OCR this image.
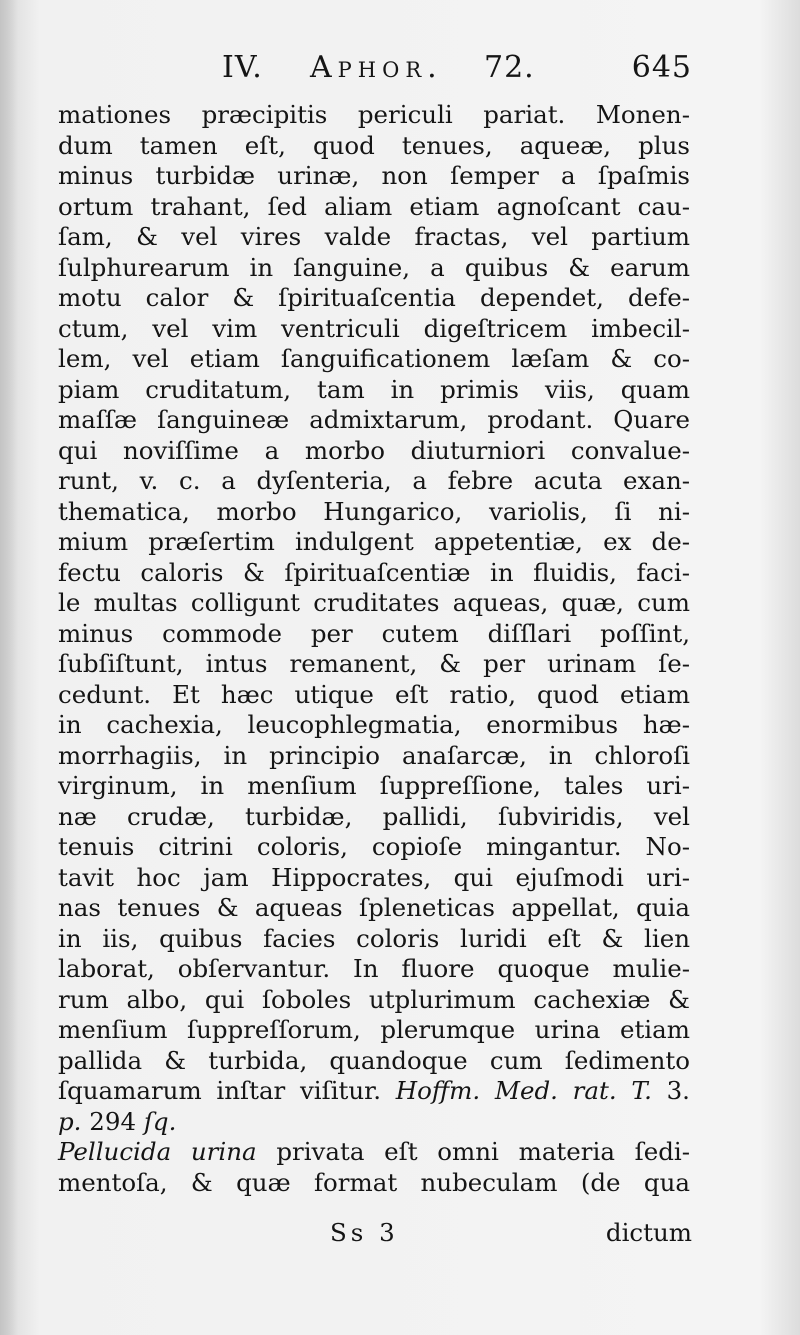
IV. Aphor. 72.	645
mationes præcipitis periculi pariat. Monen-
dum tamen eſt, quod tenues, aqueæ, plus
minus turbidæ urinæ, non ſemper a ſpaſmis
ortum trahant, ſed aliam etiam agnoſcant cau-
ſam, & vel vires valde fractas, vel partium
ſulphurearum in ſanguine, a quibus & earum
motu calor & ſpirituaſcentia dependet, defe-
ctum, vel vim ventriculi digeſtricem imbecil-
lem, vel etiam ſanguificationem læſam & co-
piam cruditatum, tam in primis viis, quam
maſſæ ſanguineæ admixtarum, prodant. Quare
qui noviſſime a morbo diuturniori convalue-
runt, v. c. a dyſenteria, a febre acuta exan-
thematica, morbo Hungarico, variolis, ſi ni-
mium præſertim indulgent appetentiæ, ex de-
fectu caloris & ſpirituaſcentiæ in fluidis, faci-
le multas colligunt cruditates aqueas, quæ, cum
minus commode per cutem diſſlari poſſint,
ſubſiſtunt, intus remanent, & per urinam ſe-
cedunt. Et hæc utique eſt ratio, quod etiam
in cachexia, leucophlegmatia, enormibus hæ-
morrhagiis, in principio anaſarcæ, in chloroſi
virginum, in menſium ſuppreſſione, tales uri-
næ crudæ, turbidæ, pallidi, ſubviridis, vel
tenuis citrini coloris, copioſe mingantur. No-
tavit hoc jam Hippocrates, qui ejuſmodi uri-
nas tenues & aqueas ſpleneticas appellat, quia
in iis, quibus facies coloris luridi eſt & lien
laborat, obſervantur. In fluore quoque mulie-
rum albo, qui ſoboles utplurimum cachexiæ &
menſium ſuppreſſorum, plerumque urina etiam
pallida & turbida, quandoque cum ſedimento
ſquamarum inſtar viſitur. Hoffm. Med. rat. T. 3.
p. 294 ſq.
Pellucida urina privata eſt omni materia ſedi-
mentoſa, & quæ format nubeculam (de qua
Ss 3	dictum
